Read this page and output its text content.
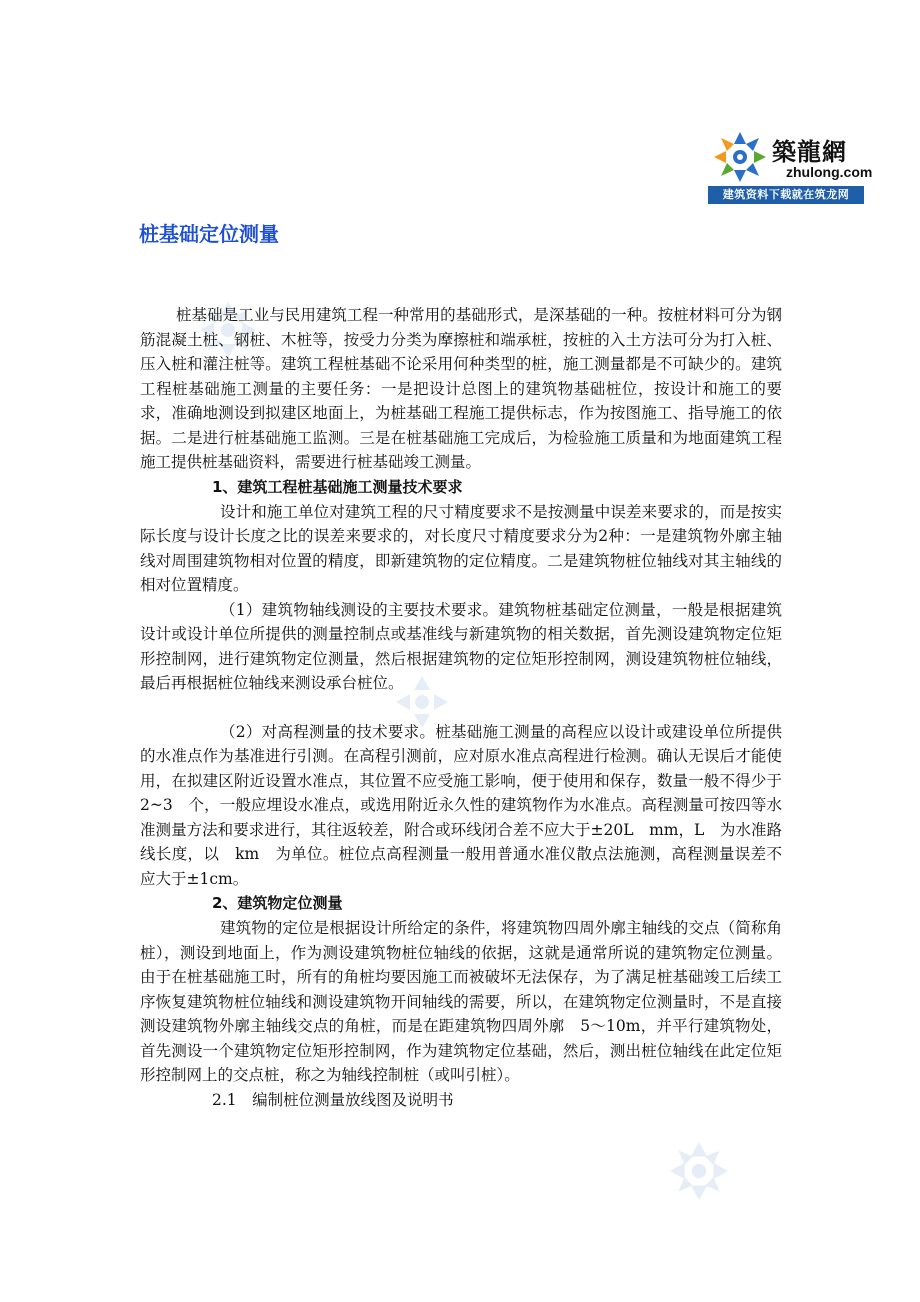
築龍網
zhulong.com
建筑资料下载就在筑龙网
桩基础定位测量

桩基础是工业与民用建筑工程一种常用的基础形式，是深基础的一种。按桩材料可分为钢筋混凝土桩、钢桩、木桩等，按受力分类为摩擦桩和端承桩，按桩的入土方法可分为打入桩、压入桩和灌注桩等。建筑工程桩基础不论采用何种类型的桩，施工测量都是不可缺少的。建筑工程桩基础施工测量的主要任务：一是把设计总图上的建筑物基础桩位，按设计和施工的要求，准确地测设到拟建区地面上，为桩基础工程施工提供标志，作为按图施工、指导施工的依据。二是进行桩基础施工监测。三是在桩基础施工完成后，为检验施工质量和为地面建筑工程施工提供桩基础资料，需要进行桩基础竣工测量。

1、建筑工程桩基础施工测量技术要求

设计和施工单位对建筑工程的尺寸精度要求不是按测量中误差来要求的，而是按实际长度与设计长度之比的误差来要求的，对长度尺寸精度要求分为2种：一是建筑物外廓主轴线对周围建筑物相对位置的精度，即新建筑物的定位精度。二是建筑物桩位轴线对其主轴线的相对位置精度。

（1）建筑物轴线测设的主要技术要求。建筑物桩基础定位测量，一般是根据建筑设计或设计单位所提供的测量控制点或基准线与新建筑物的相关数据，首先测设建筑物定位矩形控制网，进行建筑物定位测量，然后根据建筑物的定位矩形控制网，测设建筑物桩位轴线，最后再根据桩位轴线来测设承台桩位。

（2）对高程测量的技术要求。桩基础施工测量的高程应以设计或建设单位所提供的水准点作为基准进行引测。在高程引测前，应对原水准点高程进行检测。确认无误后才能使用，在拟建区附近设置水准点，其位置不应受施工影响，便于使用和保存，数量一般不得少于　2~3　个，一般应埋设水准点，或选用附近永久性的建筑物作为水准点。高程测量可按四等水准测量方法和要求进行，其往返较差，附合或环线闭合差不应大于±20L　mm，L　为水准路线长度，以　km　为单位。桩位点高程测量一般用普通水准仪散点法施测，高程测量误差不应大于±1cm。

2、建筑物定位测量

建筑物的定位是根据设计所给定的条件，将建筑物四周外廓主轴线的交点（简称角桩），测设到地面上，作为测设建筑物桩位轴线的依据，这就是通常所说的建筑物定位测量。由于在桩基础施工时，所有的角桩均要因施工而被破坏无法保存，为了满足桩基础竣工后续工序恢复建筑物桩位轴线和测设建筑物开间轴线的需要，所以，在建筑物定位测量时，不是直接测设建筑物外廓主轴线交点的角桩，而是在距建筑物四周外廓　5～10m，并平行建筑物处，首先测设一个建筑物定位矩形控制网，作为建筑物定位基础，然后，测出桩位轴线在此定位矩形控制网上的交点桩，称之为轴线控制桩（或叫引桩）。

2.1　编制桩位测量放线图及说明书
